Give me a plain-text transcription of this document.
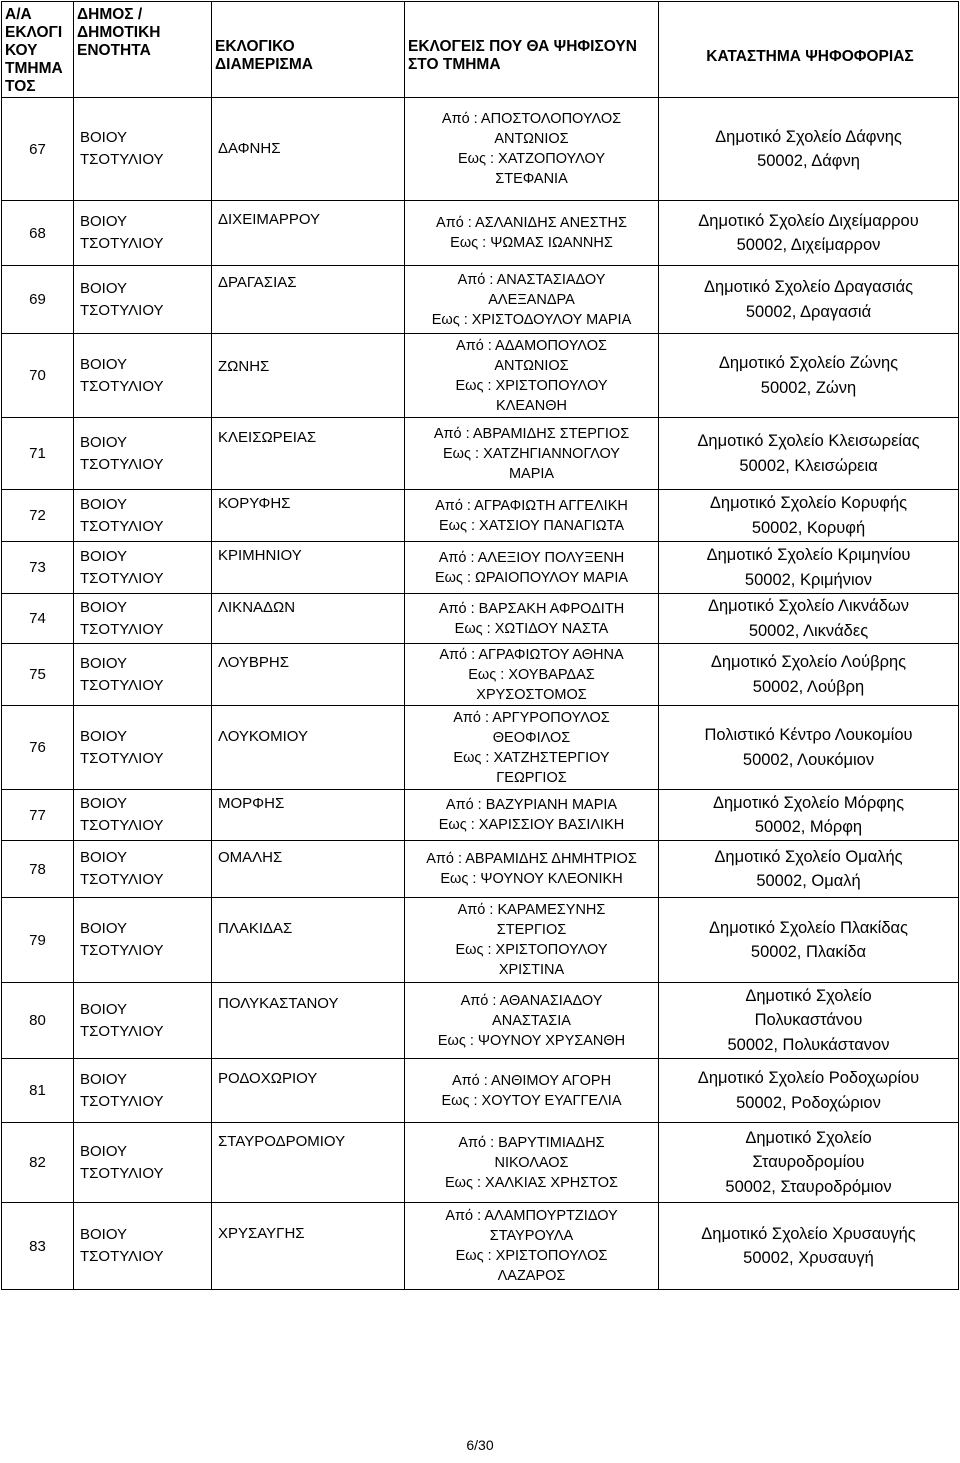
Α/Α
ΕΚΛΟΓΙ
ΚΟΥ
ΤΜΗΜΑ
ΤΟΣ	ΔΗΜΟΣ /
ΔΗΜΟΤΙΚΗ
ΕΝΟΤΗΤΑ	ΕΚΛΟΓΙΚΟ
ΔΙΑΜΕΡΙΣΜΑ	ΕΚΛΟΓΕΙΣ ΠΟΥ ΘΑ ΨΗΦΙΣΟΥΝ
ΣΤΟ ΤΜΗΜΑ	ΚΑΤΑΣΤΗΜΑ ΨΗΦΟΦΟΡΙΑΣ

67	ΒΟΙΟΥ
ΤΣΟΤΥΛΙΟΥ	ΔΑΦΝΗΣ	Από : ΑΠΟΣΤΟΛΟΠΟΥΛΟΣ
ΑΝΤΩΝΙΟΣ
Εως : ΧΑΤΖΟΠΟΥΛΟΥ
ΣΤΕΦΑΝΙΑ	Δημοτικό Σχολείο Δάφνης
50002, Δάφνη

68	ΒΟΙΟΥ
ΤΣΟΤΥΛΙΟΥ	ΔΙΧΕΙΜΑΡΡΟΥ	Από : ΑΣΛΑΝΙΔΗΣ ΑΝΕΣΤΗΣ
Εως : ΨΩΜΑΣ ΙΩΑΝΝΗΣ	Δημοτικό Σχολείο Διχείμαρρου
50002, Διχείμαρρον

69	ΒΟΙΟΥ
ΤΣΟΤΥΛΙΟΥ	ΔΡΑΓΑΣΙΑΣ	Από : ΑΝΑΣΤΑΣΙΑΔΟΥ
ΑΛΕΞΑΝΔΡΑ
Εως : ΧΡΙΣΤΟΔΟΥΛΟΥ ΜΑΡΙΑ	Δημοτικό Σχολείο Δραγασιάς
50002, Δραγασιά

70	ΒΟΙΟΥ
ΤΣΟΤΥΛΙΟΥ	ΖΩΝΗΣ	Από : ΑΔΑΜΟΠΟΥΛΟΣ
ΑΝΤΩΝΙΟΣ
Εως : ΧΡΙΣΤΟΠΟΥΛΟΥ
ΚΛΕΑΝΘΗ	Δημοτικό Σχολείο Ζώνης
50002, Ζώνη

71	ΒΟΙΟΥ
ΤΣΟΤΥΛΙΟΥ	ΚΛΕΙΣΩΡΕΙΑΣ	Από : ΑΒΡΑΜΙΔΗΣ ΣΤΕΡΓΙΟΣ
Εως : ΧΑΤΖΗΓΙΑΝΝΟΓΛΟΥ
ΜΑΡΙΑ	Δημοτικό Σχολείο Κλεισωρείας
50002, Κλεισώρεια

72	ΒΟΙΟΥ
ΤΣΟΤΥΛΙΟΥ	ΚΟΡΥΦΗΣ	Από : ΑΓΡΑΦΙΩΤΗ ΑΓΓΕΛΙΚΗ
Εως : ΧΑΤΣΙΟΥ ΠΑΝΑΓΙΩΤΑ	Δημοτικό Σχολείο Κορυφής
50002, Κορυφή

73	ΒΟΙΟΥ
ΤΣΟΤΥΛΙΟΥ	ΚΡΙΜΗΝΙΟΥ	Από : ΑΛΕΞΙΟΥ ΠΟΛΥΞΕΝΗ
Εως : ΩΡΑΙΟΠΟΥΛΟΥ ΜΑΡΙΑ	Δημοτικό Σχολείο Κριμηνίου
50002, Κριμήνιον

74	ΒΟΙΟΥ
ΤΣΟΤΥΛΙΟΥ	ΛΙΚΝΑΔΩΝ	Από : ΒΑΡΣΑΚΗ ΑΦΡΟΔΙΤΗ
Εως : ΧΩΤΙΔΟΥ ΝΑΣΤΑ	Δημοτικό Σχολείο Λικνάδων
50002, Λικνάδες

75	ΒΟΙΟΥ
ΤΣΟΤΥΛΙΟΥ	ΛΟΥΒΡΗΣ	Από : ΑΓΡΑΦΙΩΤΟΥ ΑΘΗΝΑ
Εως : ΧΟΥΒΑΡΔΑΣ
ΧΡΥΣΟΣΤΟΜΟΣ	Δημοτικό Σχολείο Λούβρης
50002, Λούβρη

76	ΒΟΙΟΥ
ΤΣΟΤΥΛΙΟΥ	ΛΟΥΚΟΜΙΟΥ	Από : ΑΡΓΥΡΟΠΟΥΛΟΣ
ΘΕΟΦΙΛΟΣ
Εως : ΧΑΤΖΗΣΤΕΡΓΙΟΥ
ΓΕΩΡΓΙΟΣ	Πολιστικό Κέντρο Λουκομίου
50002, Λουκόμιον

77	ΒΟΙΟΥ
ΤΣΟΤΥΛΙΟΥ	ΜΟΡΦΗΣ	Από : ΒΑΖΥΡΙΑΝΗ ΜΑΡΙΑ
Εως : ΧΑΡΙΣΣΙΟΥ ΒΑΣΙΛΙΚΗ	Δημοτικό Σχολείο Μόρφης
50002, Μόρφη

78	ΒΟΙΟΥ
ΤΣΟΤΥΛΙΟΥ	ΟΜΑΛΗΣ	Από : ΑΒΡΑΜΙΔΗΣ ΔΗΜΗΤΡΙΟΣ
Εως : ΨΟΥΝΟΥ ΚΛΕΟΝΙΚΗ	Δημοτικό Σχολείο Ομαλής
50002, Ομαλή

79	ΒΟΙΟΥ
ΤΣΟΤΥΛΙΟΥ	ΠΛΑΚΙΔΑΣ	Από : ΚΑΡΑΜΕΣΥΝΗΣ
ΣΤΕΡΓΙΟΣ
Εως : ΧΡΙΣΤΟΠΟΥΛΟΥ
ΧΡΙΣΤΙΝΑ	Δημοτικό Σχολείο Πλακίδας
50002, Πλακίδα

80	ΒΟΙΟΥ
ΤΣΟΤΥΛΙΟΥ	ΠΟΛΥΚΑΣΤΑΝΟΥ	Από : ΑΘΑΝΑΣΙΑΔΟΥ
ΑΝΑΣΤΑΣΙΑ
Εως : ΨΟΥΝΟΥ ΧΡΥΣΑΝΘΗ	Δημοτικό Σχολείο
Πολυκαστάνου
50002, Πολυκάστανον

81	ΒΟΙΟΥ
ΤΣΟΤΥΛΙΟΥ	ΡΟΔΟΧΩΡΙΟΥ	Από : ΑΝΘΙΜΟΥ ΑΓΟΡΗ
Εως : ΧΟΥΤΟΥ ΕΥΑΓΓΕΛΙΑ	Δημοτικό Σχολείο Ροδοχωρίου
50002, Ροδοχώριον

82	ΒΟΙΟΥ
ΤΣΟΤΥΛΙΟΥ	ΣΤΑΥΡΟΔΡΟΜΙΟΥ	Από : ΒΑΡΥΤΙΜΙΑΔΗΣ
ΝΙΚΟΛΑΟΣ
Εως : ΧΑΛΚΙΑΣ ΧΡΗΣΤΟΣ	Δημοτικό Σχολείο
Σταυροδρομίου
50002, Σταυροδρόμιον

83	ΒΟΙΟΥ
ΤΣΟΤΥΛΙΟΥ	ΧΡΥΣΑΥΓΗΣ	Από : ΑΛΑΜΠΟΥΡΤΖΙΔΟΥ
ΣΤΑΥΡΟΥΛΑ
Εως : ΧΡΙΣΤΟΠΟΥΛΟΣ
ΛΑΖΑΡΟΣ	Δημοτικό Σχολείο Χρυσαυγής
50002, Χρυσαυγή
6/30
